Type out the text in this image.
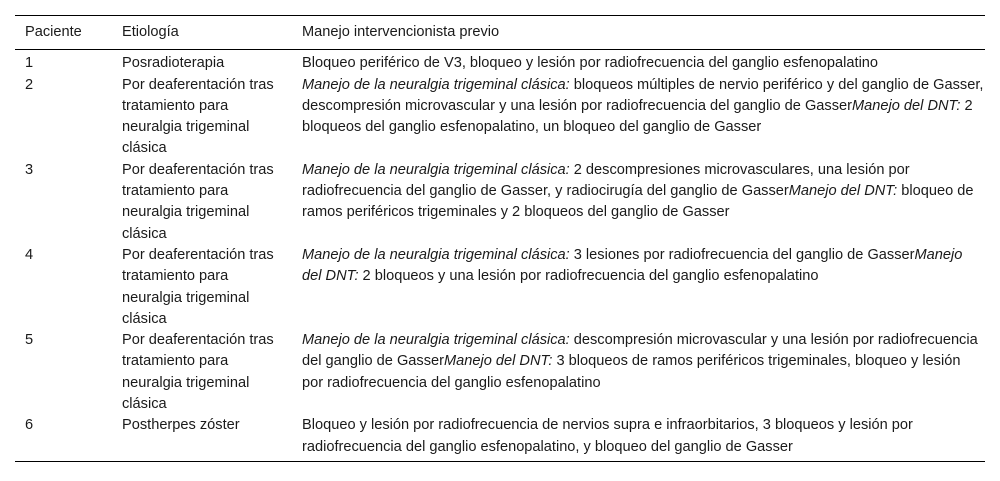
Paciente	Etiología	Manejo intervencionista previo
1	Posradioterapia	Bloqueo periférico de V3, bloqueo y lesión por radiofrecuencia del ganglio esfenopalatino
2	Por deaferentación tras tratamiento para neuralgia trigeminal clásica	Manejo de la neuralgia trigeminal clásica: bloqueos múltiples de nervio periférico y del ganglio de Gasser, descompresión microvascular y una lesión por radiofrecuencia del ganglio de GasserManejo del DNT: 2 bloqueos del ganglio esfenopalatino, un bloqueo del ganglio de Gasser
3	Por deaferentación tras tratamiento para neuralgia trigeminal clásica	Manejo de la neuralgia trigeminal clásica: 2 descompresiones microvasculares, una lesión por radiofrecuencia del ganglio de Gasser, y radiocirugía del ganglio de GasserManejo del DNT: bloqueo de ramos periféricos trigeminales y 2 bloqueos del ganglio de Gasser
4	Por deaferentación tras tratamiento para neuralgia trigeminal clásica	Manejo de la neuralgia trigeminal clásica: 3 lesiones por radiofrecuencia del ganglio de GasserManejo del DNT: 2 bloqueos y una lesión por radiofrecuencia del ganglio esfenopalatino
5	Por deaferentación tras tratamiento para neuralgia trigeminal clásica	Manejo de la neuralgia trigeminal clásica: descompresión microvascular y una lesión por radiofrecuencia del ganglio de GasserManejo del DNT: 3 bloqueos de ramos periféricos trigeminales, bloqueo y lesión por radiofrecuencia del ganglio esfenopalatino
6	Postherpes zóster	Bloqueo y lesión por radiofrecuencia de nervios supra e infraorbitarios, 3 bloqueos y lesión por radiofrecuencia del ganglio esfenopalatino, y bloqueo del ganglio de Gasser
